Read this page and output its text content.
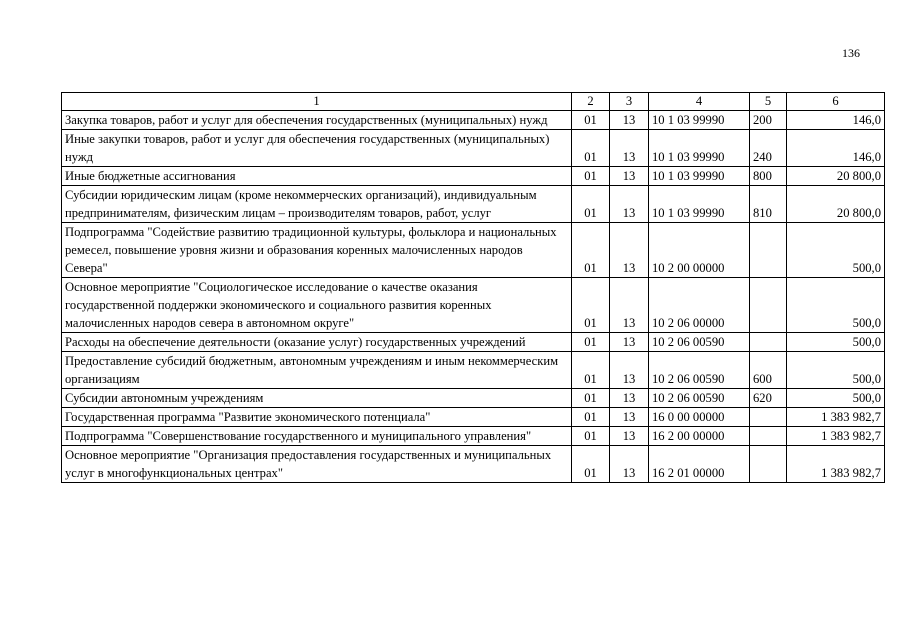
136
1	2	3	4	5	6
Закупка товаров, работ и услуг для обеспечения государственных (муниципальных) нужд	01	13	10 1 03 99990	200	146,0
Иные закупки товаров, работ и услуг для обеспечения государственных (муниципальных) нужд	01	13	10 1 03 99990	240	146,0
Иные бюджетные ассигнования	01	13	10 1 03 99990	800	20 800,0
Субсидии юридическим лицам (кроме некоммерческих организаций), индивидуальным предпринимателям, физическим лицам – производителям товаров, работ, услуг	01	13	10 1 03 99990	810	20 800,0
Подпрограмма "Содействие развитию традиционной культуры, фольклора и национальных ремесел, повышение уровня жизни и образования коренных малочисленных народов Севера"	01	13	10 2 00 00000		500,0
Основное мероприятие "Социологическое исследование о качестве оказания государственной поддержки экономического и социального развития коренных малочисленных народов севера в автономном округе"	01	13	10 2 06 00000		500,0
Расходы на обеспечение деятельности (оказание услуг) государственных учреждений	01	13	10 2 06 00590		500,0
Предоставление субсидий бюджетным, автономным учреждениям и иным некоммерческим организациям	01	13	10 2 06 00590	600	500,0
Субсидии автономным учреждениям	01	13	10 2 06 00590	620	500,0
Государственная программа "Развитие экономического потенциала"	01	13	16 0 00 00000		1 383 982,7
Подпрограмма "Совершенствование государственного и муниципального управления"	01	13	16 2 00 00000		1 383 982,7
Основное мероприятие "Организация предоставления государственных и муниципальных услуг в многофункциональных центрах"	01	13	16 2 01 00000		1 383 982,7
